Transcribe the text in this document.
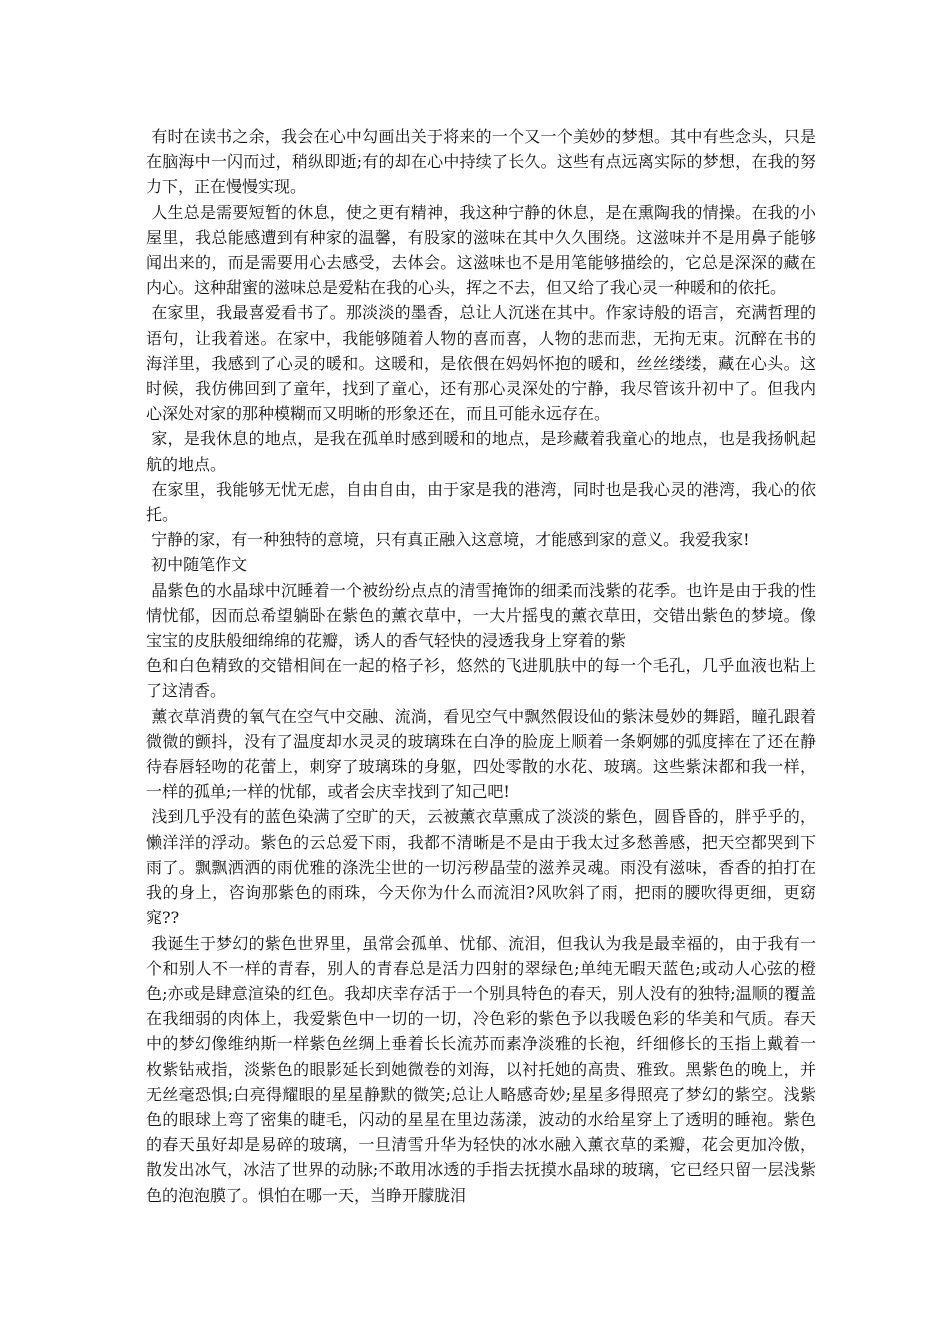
有时在读书之余，我会在心中勾画出关于将来的一个又一个美妙的梦想。其中有些念头，只是在脑海中一闪而过，稍纵即逝;有的却在心中持续了长久。这些有点远离实际的梦想，在我的努力下，正在慢慢实现。

人生总是需要短暂的休息，使之更有精神，我这种宁静的休息，是在熏陶我的情操。在我的小屋里，我总能感遭到有种家的温馨，有股家的滋味在其中久久围绕。这滋味并不是用鼻子能够闻出来的，而是需要用心去感受，去体会。这滋味也不是用笔能够描绘的，它总是深深的藏在内心。这种甜蜜的滋味总是爱粘在我的心头，挥之不去，但又给了我心灵一种暖和的依托。

在家里，我最喜爱看书了。那淡淡的墨香，总让人沉迷在其中。作家诗般的语言，充满哲理的语句，让我着迷。在家中，我能够随着人物的喜而喜，人物的悲而悲，无拘无束。沉醉在书的海洋里，我感到了心灵的暖和。这暖和，是依偎在妈妈怀抱的暖和，丝丝缕缕，藏在心头。这时候，我仿佛回到了童年，找到了童心，还有那心灵深处的宁静，我尽管该升初中了。但我内心深处对家的那种模糊而又明晰的形象还在，而且可能永远存在。

家，是我休息的地点，是我在孤单时感到暖和的地点，是珍藏着我童心的地点，也是我扬帆起航的地点。

在家里，我能够无忧无虑，自由自由，由于家是我的港湾，同时也是我心灵的港湾，我心的依托。

宁静的家，有一种独特的意境，只有真正融入这意境，才能感到家的意义。我爱我家!

初中随笔作文

晶紫色的水晶球中沉睡着一个被纷纷点点的清雪掩饰的细柔而浅紫的花季。也许是由于我的性情忧郁，因而总希望躺卧在紫色的薰衣草中，一大片摇曳的薰衣草田，交错出紫色的梦境。像宝宝的皮肤般细绵绵的花瓣，诱人的香气轻快的浸透我身上穿着的紫

色和白色精致的交错相间在一起的格子衫，悠然的飞进肌肤中的每一个毛孔，几乎血液也粘上了这清香。

薰衣草消费的氧气在空气中交融、流淌，看见空气中飘然假设仙的紫沫曼妙的舞蹈，瞳孔跟着微微的颤抖，没有了温度却水灵灵的玻璃珠在白净的脸庞上顺着一条婀娜的弧度摔在了还在静待春唇轻吻的花蕾上，刺穿了玻璃珠的身躯，四处零散的水花、玻璃。这些紫沫都和我一样，一样的孤单;一样的忧郁，或者会庆幸找到了知己吧!

浅到几乎没有的蓝色染满了空旷的天，云被薰衣草熏成了淡淡的紫色，圆昏昏的，胖乎乎的，懒洋洋的浮动。紫色的云总爱下雨，我都不清晰是不是由于我太过多愁善感，把天空都哭到下雨了。飘飘洒洒的雨优雅的涤洗尘世的一切污秽晶莹的滋养灵魂。雨没有滋味，香香的拍打在我的身上，咨询那紫色的雨珠，今天你为什么而流泪?风吹斜了雨，把雨的腰吹得更细，更窈窕??

我诞生于梦幻的紫色世界里，虽常会孤单、忧郁、流泪，但我认为我是最幸福的，由于我有一个和别人不一样的青春，别人的青春总是活力四射的翠绿色;单纯无暇天蓝色;或动人心弦的橙色;亦或是肆意渲染的红色。我却庆幸存活于一个别具特色的春天，别人没有的独特;温顺的覆盖在我细弱的肉体上，我爱紫色中一切的一切，冷色彩的紫色予以我暖色彩的华美和气质。春天中的梦幻像维纳斯一样紫色丝绸上垂着长长流苏而素净淡雅的长袍，纤细修长的玉指上戴着一枚紫钻戒指，淡紫色的眼影延长到她微卷的刘海，以衬托她的高贵、雅致。黑紫色的晚上，并无丝毫恐惧;白亮得耀眼的星星静默的微笑;总让人略感奇妙;星星多得照亮了梦幻的紫空。浅紫色的眼球上弯了密集的睫毛，闪动的星星在里边荡漾，波动的水给星穿上了透明的睡袍。紫色的春天虽好却是易碎的玻璃，一旦清雪升华为轻快的冰水融入薰衣草的柔瓣，花会更加冷傲，散发出冰气，冰洁了世界的动脉;不敢用冰透的手指去抚摸水晶球的玻璃，它已经只留一层浅紫色的泡泡膜了。惧怕在哪一天，当睁开朦胧泪
